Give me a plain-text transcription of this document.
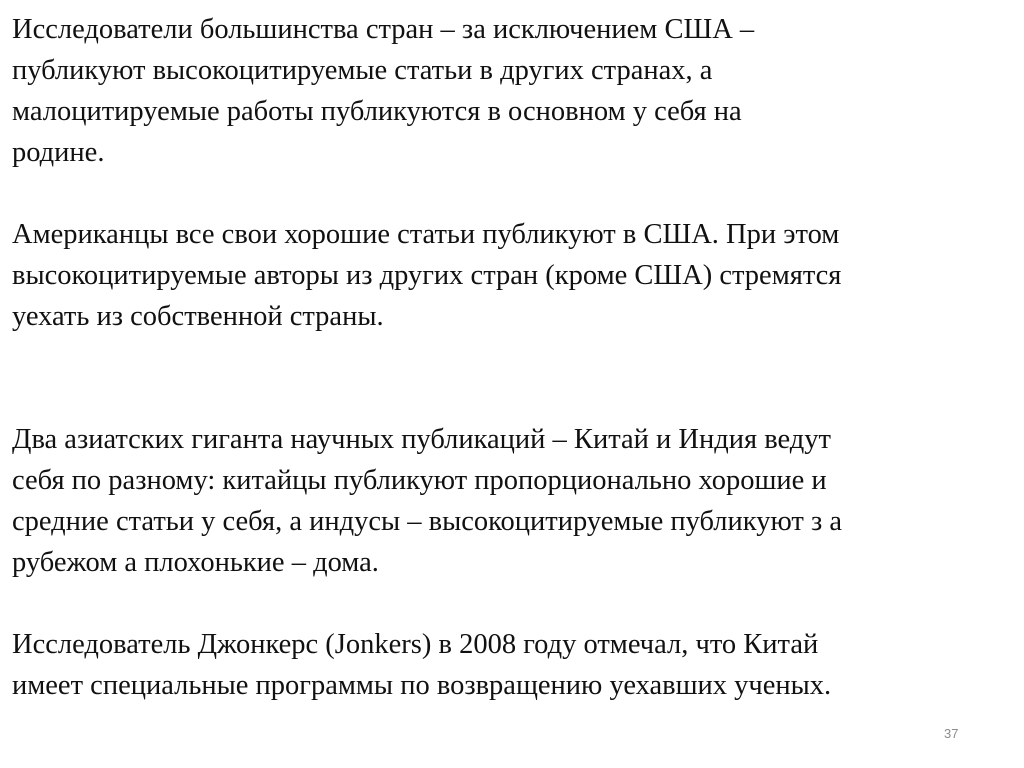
Исследователи большинства стран – за исключением США –
публикуют высокоцитируемые статьи в других странах, а
малоцитируемые работы публикуются в основном у себя на
родине.
Американцы все свои хорошие статьи публикуют в США. При этом
высокоцитируемые авторы из других стран (кроме США) стремятся
уехать из собственной страны.
Два азиатских гиганта научных публикаций – Китай и Индия ведут
себя по разному: китайцы публикуют пропорционально хорошие и
средние статьи у себя, а индусы – высокоцитируемые публикуют з а
рубежом а плохонькие – дома.
Исследователь Джонкерс (Jonkers) в 2008 году отмечал, что Китай
имеет специальные программы по возвращению уехавших ученых.
37
